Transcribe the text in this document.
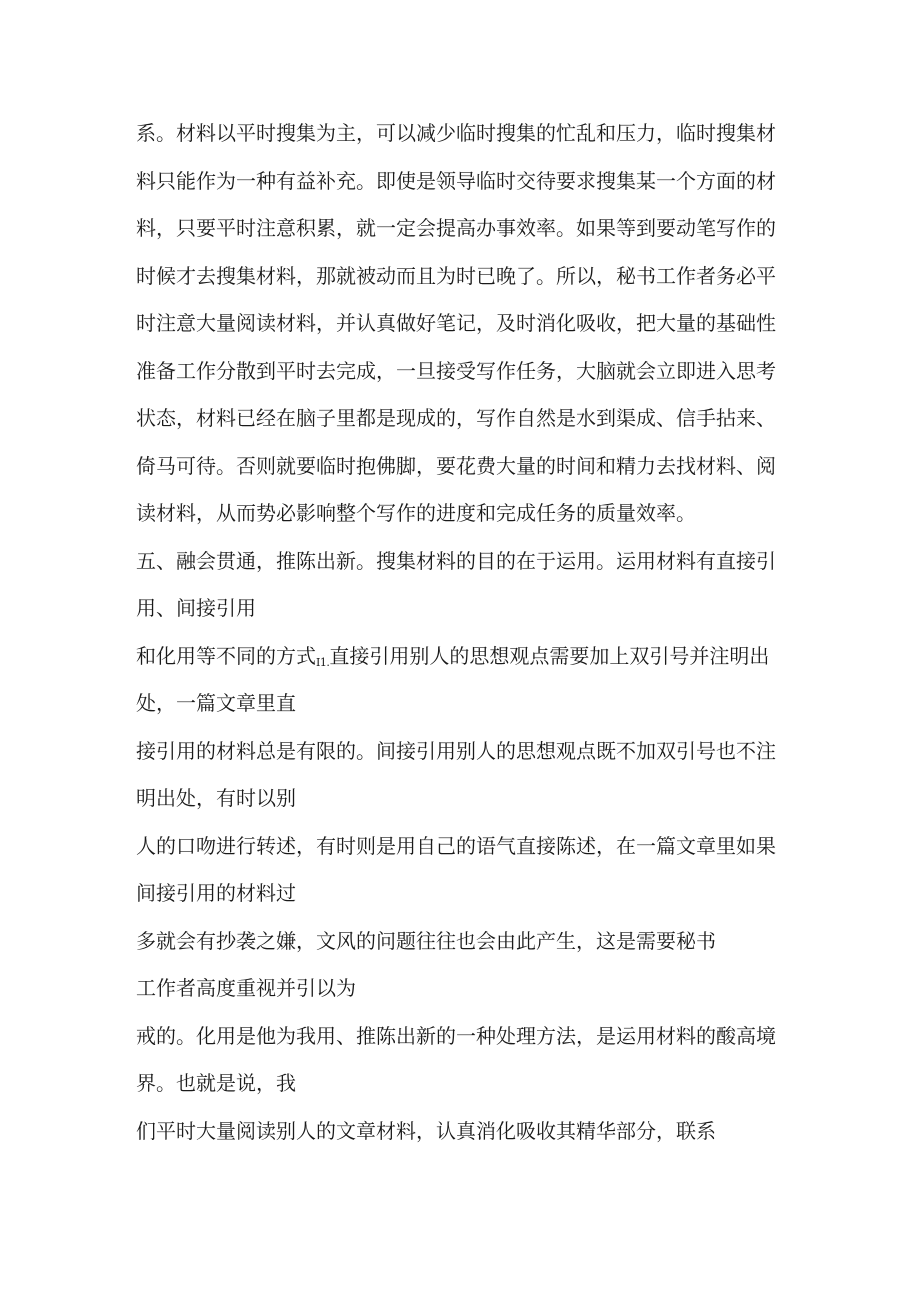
系。材料以平时搜集为主，可以减少临时搜集的忙乱和压力，临时搜集材
料只能作为一种有益补充。即使是领导临时交待要求搜集某一个方面的材
料，只要平时注意积累，就一定会提高办事效率。如果等到要动笔写作的
时候才去搜集材料，那就被动而且为时已晚了。所以，秘书工作者务必平
时注意大量阅读材料，并认真做好笔记，及时消化吸收，把大量的基础性
准备工作分散到平时去完成，一旦接受写作任务，大脑就会立即进入思考
状态，材料已经在脑子里都是现成的，写作自然是水到渠成、信手拈来、
倚马可待。否则就要临时抱佛脚，要花费大量的时间和精力去找材料、阅
读材料，从而势必影响整个写作的进度和完成任务的质量效率。
五、融会贯通，推陈出新。搜集材料的目的在于运用。运用材料有直接引
用、间接引用
和化用等不同的方式$_{I1.}$直接引用别人的思想观点需要加上双引号并注明出
处，一篇文章里直
接引用的材料总是有限的。间接引用别人的思想观点既不加双引号也不注
明出处，有时以别
人的口吻进行转述，有时则是用自己的语气直接陈述，在一篇文章里如果
间接引用的材料过
多就会有抄袭之嫌，文风的问题往往也会由此产生，这是需要秘书
工作者高度重视并引以为
戒的。化用是他为我用、推陈出新的一种处理方法，是运用材料的酸高境
界。也就是说，我
们平时大量阅读别人的文章材料，认真消化吸收其精华部分，联系
